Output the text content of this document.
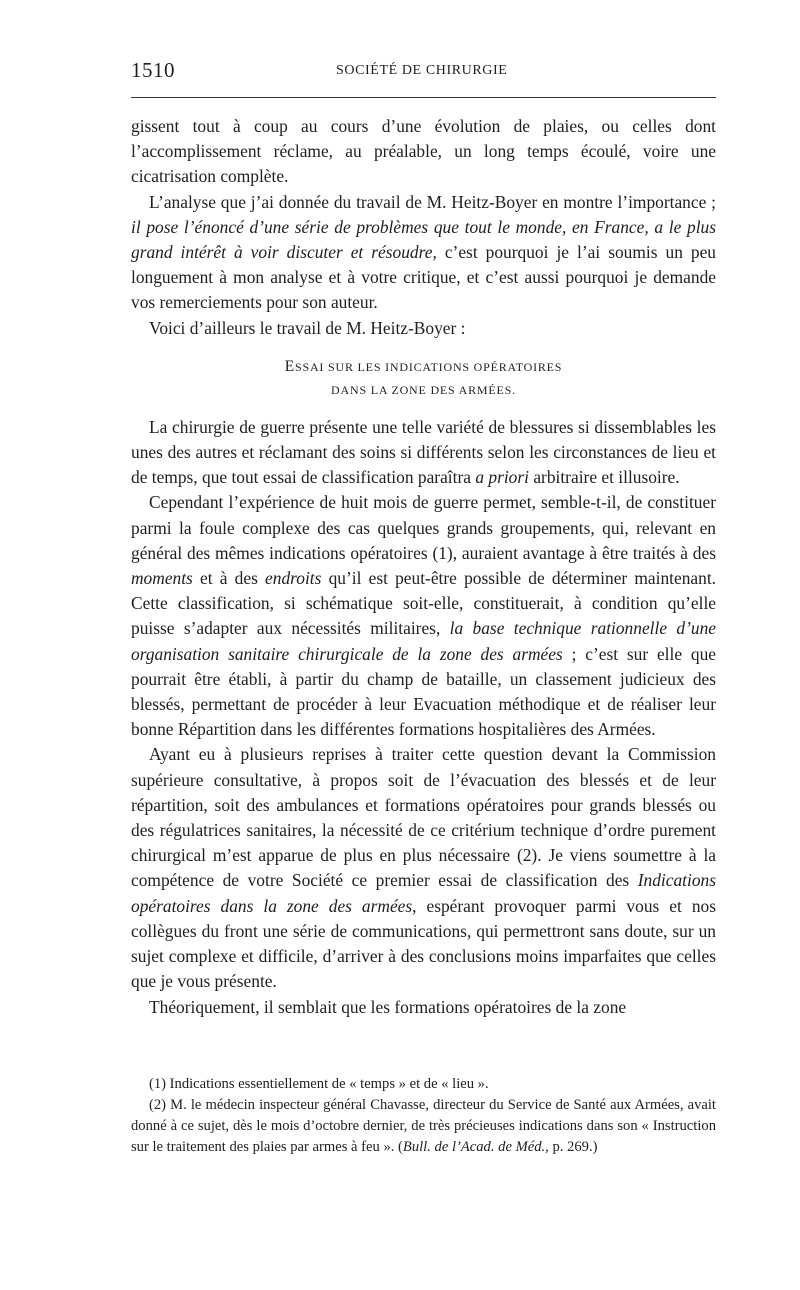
1510	SOCIÉTÉ DE CHIRURGIE

gissent tout à coup au cours d’une évolution de plaies, ou celles dont l’accomplissement réclame, au préalable, un long temps écoulé, voire une cicatrisation complète.

L’analyse que j’ai donnée du travail de M. Heitz-Boyer en montre l’importance ; il pose l’énoncé d’une série de problèmes que tout le monde, en France, a le plus grand intérêt à voir discuter et résoudre, c’est pourquoi je l’ai soumis un peu longuement à mon analyse et à votre critique, et c’est aussi pourquoi je demande vos remerciements pour son auteur.

Voici d’ailleurs le travail de M. Heitz-Boyer :

ESSAI SUR LES INDICATIONS OPÉRATOIRES
DANS LA ZONE DES ARMÉES.

La chirurgie de guerre présente une telle variété de blessures si dissemblables les unes des autres et réclamant des soins si différents selon les circonstances de lieu et de temps, que tout essai de classification paraîtra a priori arbitraire et illusoire.

Cependant l’expérience de huit mois de guerre permet, semble-t-il, de constituer parmi la foule complexe des cas quelques grands groupements, qui, relevant en général des mêmes indications opératoires (1), auraient avantage à être traités à des moments et à des endroits qu’il est peut-être possible de déterminer maintenant. Cette classification, si schématique soit-elle, constituerait, à condition qu’elle puisse s’adapter aux nécessités militaires, la base technique rationnelle d’une organisation sanitaire chirurgicale de la zone des armées ; c’est sur elle que pourrait être établi, à partir du champ de bataille, un classement judicieux des blessés, permettant de procéder à leur Evacuation méthodique et de réaliser leur bonne Répartition dans les différentes formations hospitalières des Armées.

Ayant eu à plusieurs reprises à traiter cette question devant la Commission supérieure consultative, à propos soit de l’évacuation des blessés et de leur répartition, soit des ambulances et formations opératoires pour grands blessés ou des régulatrices sanitaires, la nécessité de ce critérium technique d’ordre purement chirurgical m’est apparue de plus en plus nécessaire (2). Je viens soumettre à la compétence de votre Société ce premier essai de classification des Indications opératoires dans la zone des armées, espérant provoquer parmi vous et nos collègues du front une série de communications, qui permettront sans doute, sur un sujet complexe et difficile, d’arriver à des conclusions moins imparfaites que celles que je vous présente.

Théoriquement, il semblait que les formations opératoires de la zone

(1) Indications essentiellement de « temps » et de « lieu ».

(2) M. le médecin inspecteur général Chavasse, directeur du Service de Santé aux Armées, avait donné à ce sujet, dès le mois d’octobre dernier, de très précieuses indications dans son « Instruction sur le traitement des plaies par armes à feu ». (Bull. de l’Acad. de Méd., p. 269.)
